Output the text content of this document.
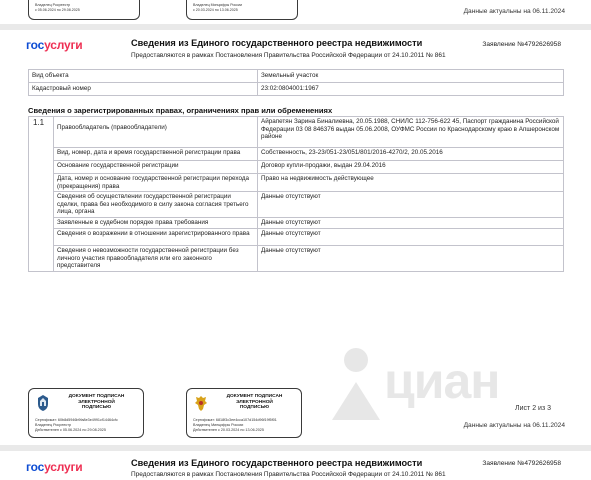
Владелец Росреестр
с 05.06.2024 по 29.08.2025
Владелец Минцифры России
с 20.03.2024 по 13.06.2025	Данные актуальны на 06.11.2024
госуслуги	Сведения из Единого государственного реестра недвижимости
Предоставляются в рамках Постановления Правительства Российской Федерации от 24.10.2011 № 861
Заявление №4792626958
Вид объекта	Земельный участок
Кадастровый номер	23:02:0804001:1967
Сведения о зарегистрированных правах, ограничениях прав или обременениях
1.1	Правообладатель (правообладатели)	Айрапетян Зарина Биналиевна, 20.05.1988, СНИЛС 112-756-622 45, Паспорт гражданина Российской Федерации 03 08 846376 выдан 05.06.2008, ОУФМС России по Краснодарскому краю в Апшеронском районе
	Вид, номер, дата и время государственной регистрации права	Собственность, 23-23/051-23/051/801/2016-4270/2, 20.05.2016
	Основание государственной регистрации	Договор купли-продажи, выдан 29.04.2016
	Дата, номер и основание государственной регистрации перехода (прекращения) права	Право на недвижимость действующее
	Сведения об осуществлении государственной регистрации сделки, права без необходимого в силу закона согласия третьего лица, органа	Данные отсутствуют
	Заявленные в судебном порядке права требования	Данные отсутствуют
	Сведения о возражении в отношении зарегистрированного права	Данные отсутствуют
	Сведения о невозможности государственной регистрации без личного участия правообладателя или его законного представителя	Данные отсутствуют
циан
ДОКУМЕНТ ПОДПИСАН
ЭЛЕКТРОННОЙ
ПОДПИСЬЮ
Сертификат: 60b8d5946b9fa8e3e4991cf14464cfc
Владелец Росреестр
Действителен с 05.06.2024 по 29.08.2025
ДОКУМЕНТ ПОДПИСАН
ЭЛЕКТРОННОЙ
ПОДПИСЬЮ
Сертификат: 6818f3c3ee4cca107d154d96f19f5f01
Владелец Минцифры России
Действителен с 20.03.2024 по 13.06.2025
Лист 2 из 3
Данные актуальны на 06.11.2024
госуслуги	Сведения из Единого государственного реестра недвижимости
Предоставляются в рамках Постановления Правительства Российской Федерации от 24.10.2011 № 861
Заявление №4792626958
